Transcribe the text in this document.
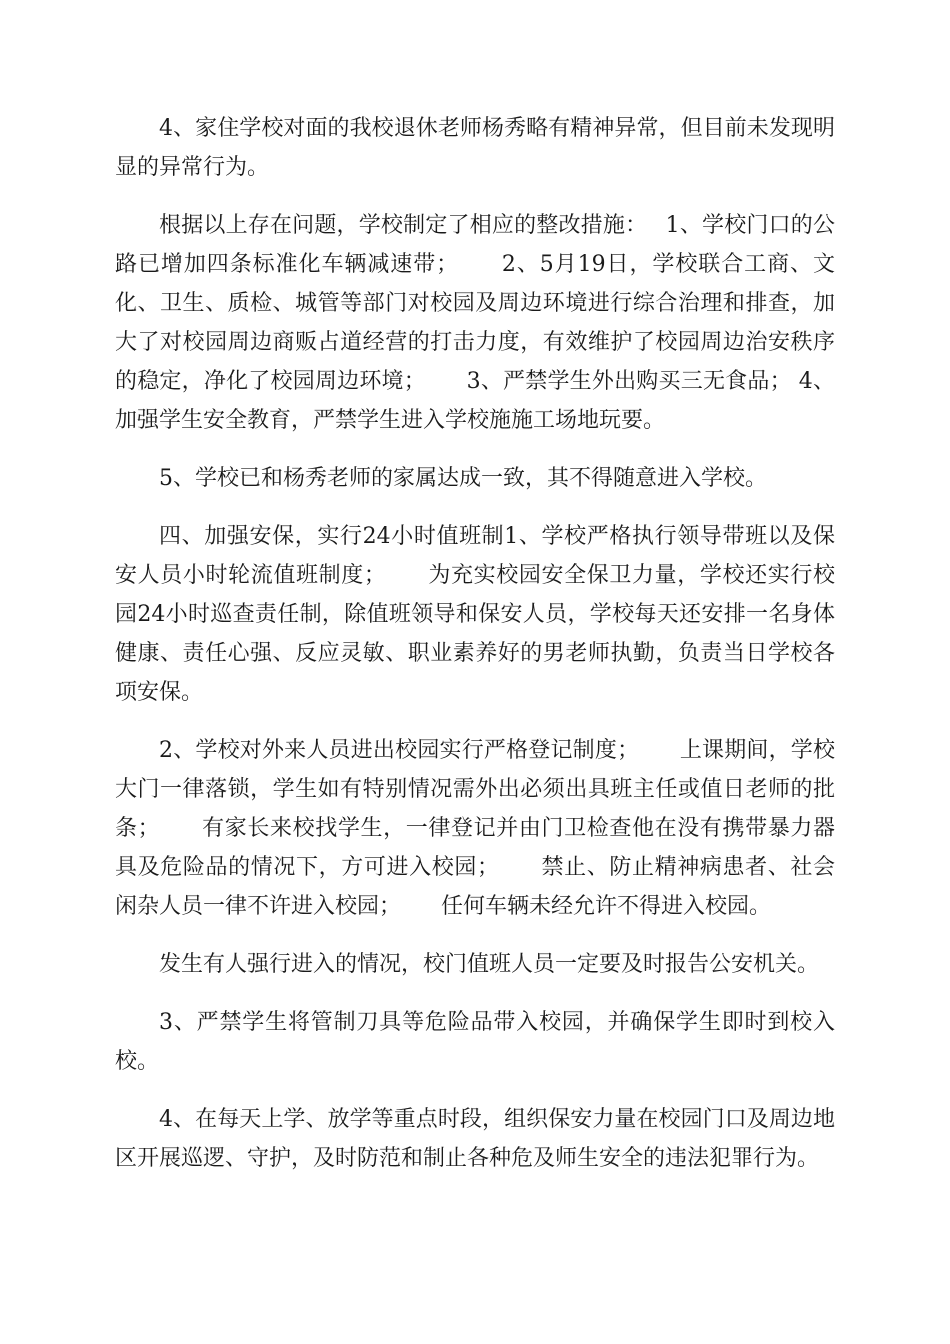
4、家住学校对面的我校退休老师杨秀略有精神异常，但目前未发现明显的异常行为。

根据以上存在问题，学校制定了相应的整改措施：　 1、学校门口的公路已增加四条标准化车辆减速带；　　 2、5月19日，学校联合工商、文化、卫生、质检、城管等部门对校园及周边环境进行综合治理和排查，加大了对校园周边商贩占道经营的打击力度，有效维护了校园周边治安秩序的稳定，净化了校园周边环境；　　 3、严禁学生外出购买三无食品； 4、加强学生安全教育，严禁学生进入学校施施工场地玩要。

5、学校已和杨秀老师的家属达成一致，其不得随意进入学校。

四、加强安保，实行24小时值班制1、学校严格执行领导带班以及保安人员小时轮流值班制度；　　 为充实校园安全保卫力量，学校还实行校园24小时巡查责任制，除值班领导和保安人员，学校每天还安排一名身体健康、责任心强、反应灵敏、职业素养好的男老师执勤，负责当日学校各项安保。

2、学校对外来人员进出校园实行严格登记制度；　　 上课期间，学校大门一律落锁，学生如有特别情况需外出必须出具班主任或值日老师的批条；　　 有家长来校找学生，一律登记并由门卫检查他在没有携带暴力器具及危险品的情况下，方可进入校园；　　 禁止、防止精神病患者、社会闲杂人员一律不许进入校园；　　 任何车辆未经允许不得进入校园。

发生有人强行进入的情况，校门值班人员一定要及时报告公安机关。

3、严禁学生将管制刀具等危险品带入校园，并确保学生即时到校入校。

4、在每天上学、放学等重点时段，组织保安力量在校园门口及周边地区开展巡逻、守护，及时防范和制止各种危及师生安全的违法犯罪行为。
